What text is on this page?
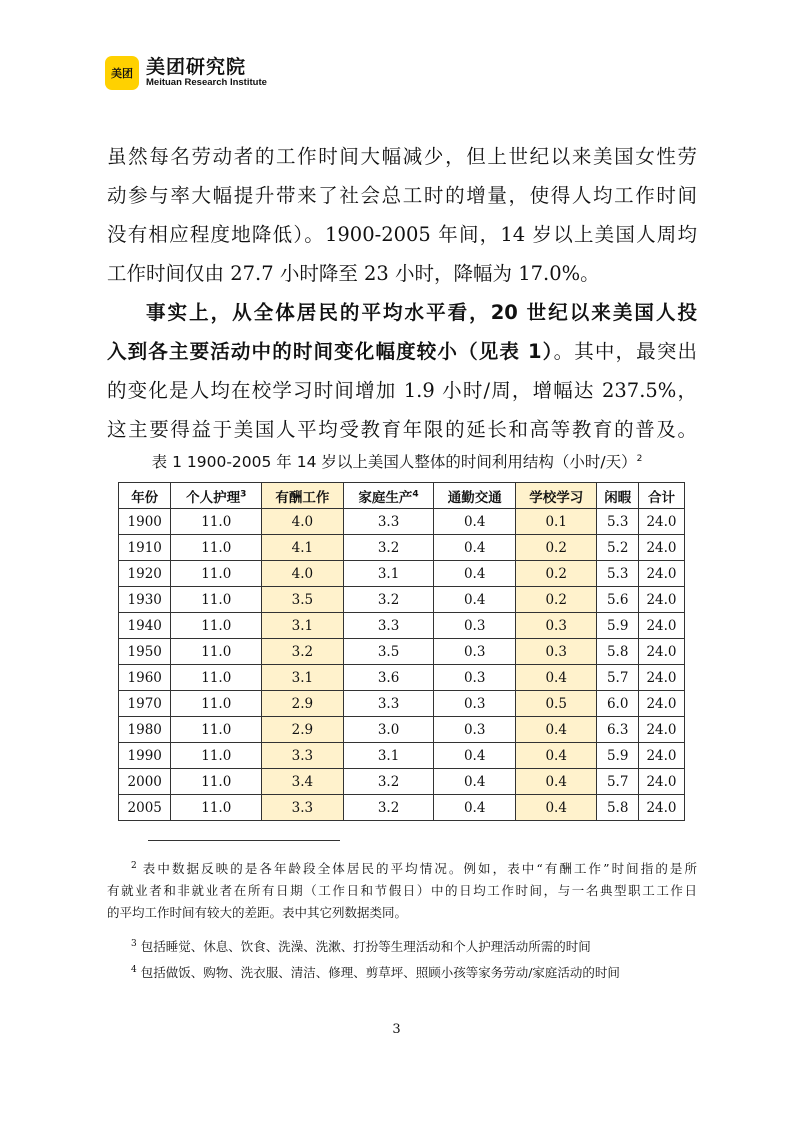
美团 美团研究院
Meituan Research Institute
虽然每名劳动者的工作时间大幅减少，但上世纪以来美国女性劳
动参与率大幅提升带来了社会总工时的增量，使得人均工作时间
没有相应程度地降低）。1900-2005 年间，14 岁以上美国人周均
工作时间仅由 27.7 小时降至 23 小时，降幅为 17.0%。
事实上，从全体居民的平均水平看，20 世纪以来美国人投
入到各主要活动中的时间变化幅度较小（见表 1）。其中，最突出
的变化是人均在校学习时间增加 1.9 小时/周，增幅达 237.5%，
这主要得益于美国人平均受教育年限的延长和高等教育的普及。
表 1 1900-2005 年 14 岁以上美国人整体的时间利用结构（小时/天）$^2$
年份	个人护理$^3$	有酬工作	家庭生产$^4$	通勤交通	学校学习	闲暇	合计
1900	11.0	4.0	3.3	0.4	0.1	5.3	24.0
1910	11.0	4.1	3.2	0.4	0.2	5.2	24.0
1920	11.0	4.0	3.1	0.4	0.2	5.3	24.0
1930	11.0	3.5	3.2	0.4	0.2	5.6	24.0
1940	11.0	3.1	3.3	0.3	0.3	5.9	24.0
1950	11.0	3.2	3.5	0.3	0.3	5.8	24.0
1960	11.0	3.1	3.6	0.3	0.4	5.7	24.0
1970	11.0	2.9	3.3	0.3	0.5	6.0	24.0
1980	11.0	2.9	3.0	0.3	0.4	6.3	24.0
1990	11.0	3.3	3.1	0.4	0.4	5.9	24.0
2000	11.0	3.4	3.2	0.4	0.4	5.7	24.0
2005	11.0	3.3	3.2	0.4	0.4	5.8	24.0
$^2$ 表中数据反映的是各年龄段全体居民的平均情况。例如，表中“有酬工作”时间指的是所
有就业者和非就业者在所有日期（工作日和节假日）中的日均工作时间，与一名典型职工工作日
的平均工作时间有较大的差距。表中其它列数据类同。
$^3$ 包括睡觉、休息、饮食、洗澡、洗漱、打扮等生理活动和个人护理活动所需的时间
$^4$ 包括做饭、购物、洗衣服、清洁、修理、剪草坪、照顾小孩等家务劳动/家庭活动的时间
3
